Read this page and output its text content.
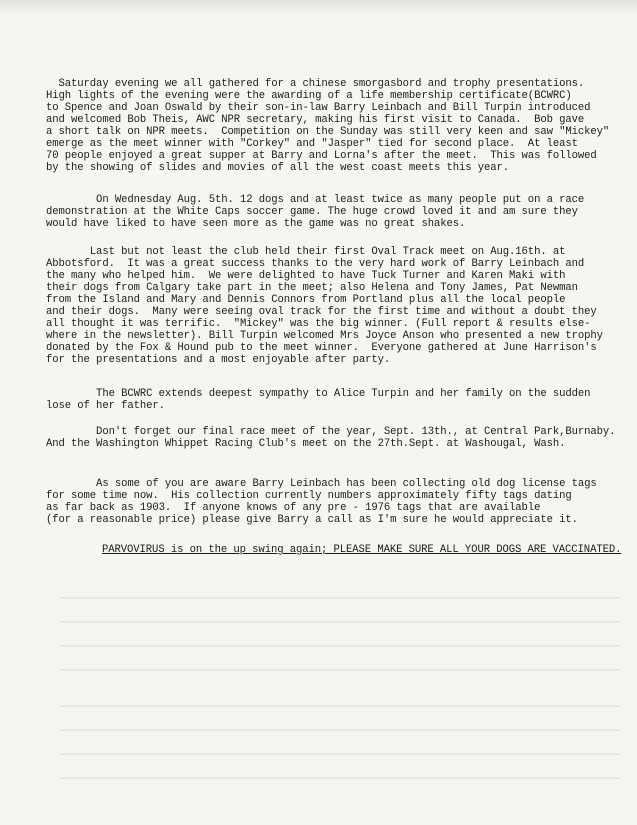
Saturday evening we all gathered for a chinese smorgasbord and trophy presentations.
High lights of the evening were the awarding of a life membership certificate(BCWRC)
to Spence and Joan Oswald by their son-in-law Barry Leinbach and Bill Turpin introduced
and welcomed Bob Theis, AWC NPR secretary, making his first visit to Canada.  Bob gave
a short talk on NPR meets.  Competition on the Sunday was still very keen and saw "Mickey"
emerge as the meet winner with "Corkey" and "Jasper" tied for second place.  At least
70 people enjoyed a great supper at Barry and Lorna's after the meet.  This was followed
by the showing of slides and movies of all the west coast meets this year.

On Wednesday Aug. 5th. 12 dogs and at least twice as many people put on a race
demonstration at the White Caps soccer game. The huge crowd loved it and am sure they
would have liked to have seen more as the game was no great shakes.

Last but not least the club held their first Oval Track meet on Aug.16th. at
Abbotsford.  It was a great success thanks to the very hard work of Barry Leinbach and
the many who helped him.  We were delighted to have Tuck Turner and Karen Maki with
their dogs from Calgary take part in the meet; also Helena and Tony James, Pat Newman
from the Island and Mary and Dennis Connors from Portland plus all the local people
and their dogs.  Many were seeing oval track for the first time and without a doubt they
all thought it was terrific.  "Mickey" was the big winner. (Full report & results else-
where in the newsletter). Bill Turpin welcomed Mrs Joyce Anson who presented a new trophy
donated by the Fox & Hound pub to the meet winner.  Everyone gathered at June Harrison's
for the presentations and a most enjoyable after party.

The BCWRC extends deepest sympathy to Alice Turpin and her family on the sudden
lose of her father.

Don't forget our final race meet of the year, Sept. 13th., at Central Park,Burnaby.
And the Washington Whippet Racing Club's meet on the 27th.Sept. at Washougal, Wash.

As some of you are aware Barry Leinbach has been collecting old dog license tags
for some time now.  His collection currently numbers approximately fifty tags dating
as far back as 1903.  If anyone knows of any pre - 1976 tags that are available
(for a reasonable price) please give Barry a call as I'm sure he would appreciate it.

PARVOVIRUS is on the up swing again; PLEASE MAKE SURE ALL YOUR DOGS ARE VACCINATED.
